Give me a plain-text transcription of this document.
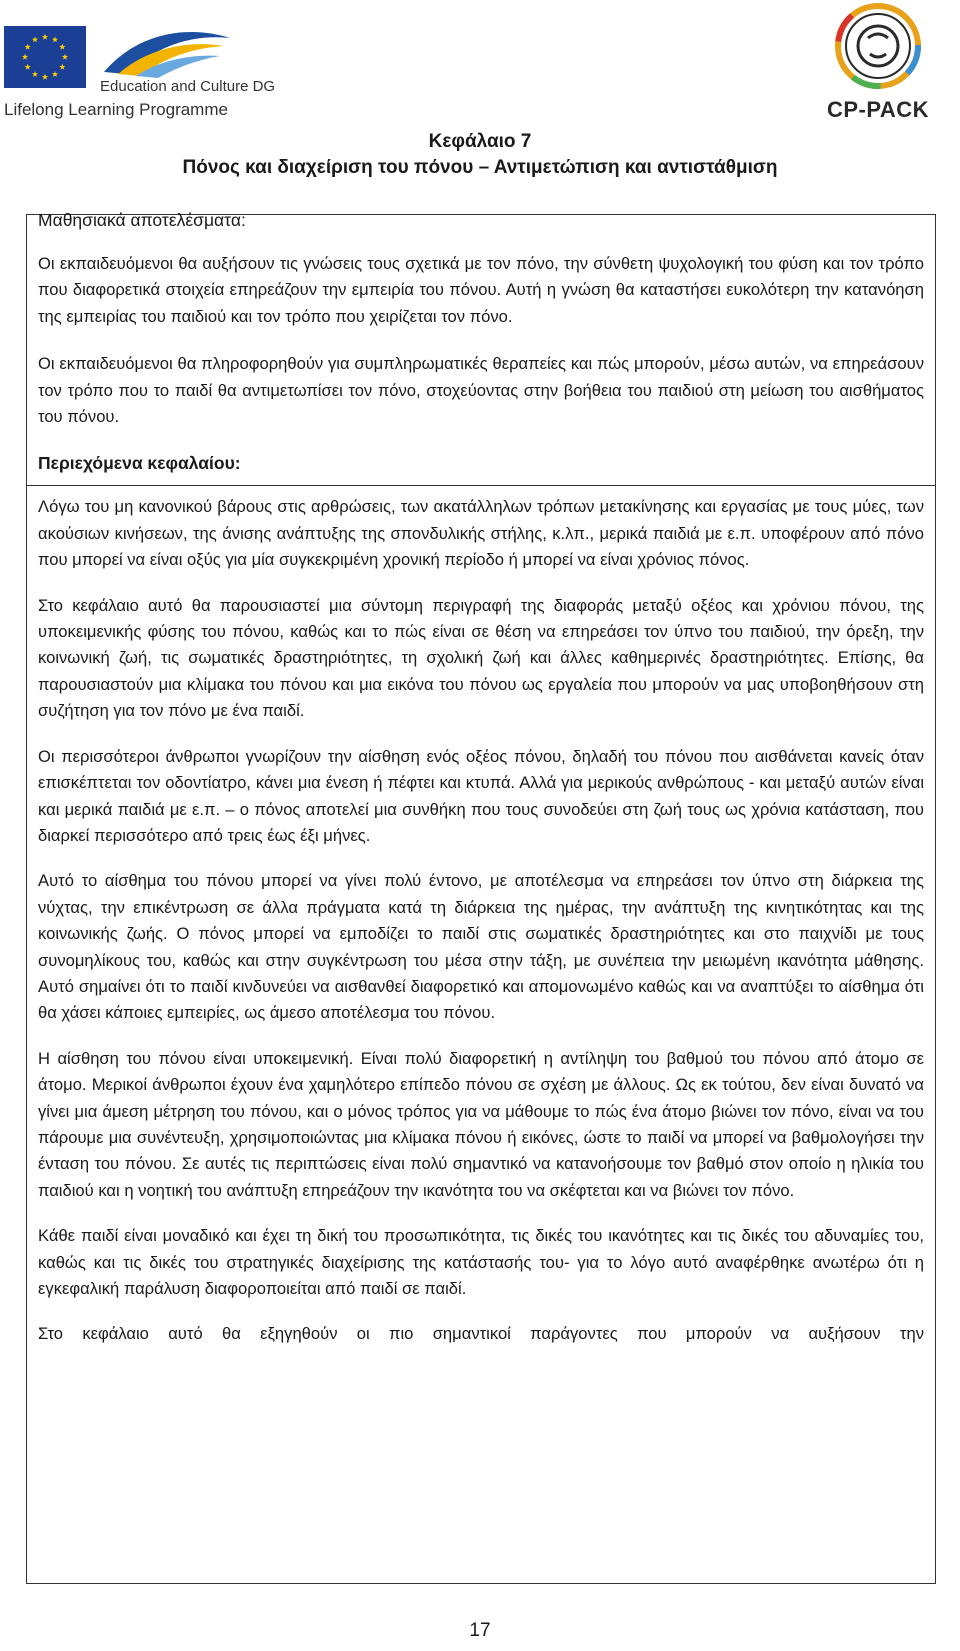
Education and Culture DG
Lifelong Learning Programme	CP-PACK
Κεφάλαιο 7
Πόνος και διαχείριση του πόνου – Αντιμετώπιση και αντιστάθμιση

Μαθησιακά αποτελέσματα:

Οι εκπαιδευόμενοι θα αυξήσουν τις γνώσεις τους σχετικά με τον πόνο, την σύνθετη ψυχολογική του φύση και τον τρόπο που διαφορετικά στοιχεία επηρεάζουν την εμπειρία του πόνου. Αυτή η γνώση θα καταστήσει ευκολότερη την κατανόηση της εμπειρίας του παιδιού και τον τρόπο που χειρίζεται τον πόνο.

Οι εκπαιδευόμενοι θα πληροφορηθούν για συμπληρωματικές θεραπείες και πώς μπορούν, μέσω αυτών, να επηρεάσουν τον τρόπο που το παιδί θα αντιμετωπίσει τον πόνο, στοχεύοντας στην βοήθεια του παιδιού στη μείωση του αισθήματος του πόνου.

Περιεχόμενα κεφαλαίου:

Λόγω του μη κανονικού βάρους στις αρθρώσεις, των ακατάλληλων τρόπων μετακίνησης και εργασίας με τους μύες, των ακούσιων κινήσεων, της άνισης ανάπτυξης της σπονδυλικής στήλης, κ.λπ., μερικά παιδιά με ε.π. υποφέρουν από πόνο που μπορεί να είναι οξύς για μία συγκεκριμένη χρονική περίοδο ή μπορεί να είναι χρόνιος πόνος.

Στο κεφάλαιο αυτό θα παρουσιαστεί μια σύντομη περιγραφή της διαφοράς μεταξύ οξέος και χρόνιου πόνου, της υποκειμενικής φύσης του πόνου, καθώς και το πώς είναι σε θέση να επηρεάσει τον ύπνο του παιδιού, την όρεξη, την κοινωνική ζωή, τις σωματικές δραστηριότητες, τη σχολική ζωή και άλλες καθημερινές δραστηριότητες. Επίσης, θα παρουσιαστούν μια κλίμακα του πόνου και μια εικόνα του πόνου ως εργαλεία που μπορούν να μας υποβοηθήσουν στη συζήτηση για τον πόνο με ένα παιδί.

Οι περισσότεροι άνθρωποι γνωρίζουν την αίσθηση ενός οξέος πόνου, δηλαδή του πόνου που αισθάνεται κανείς όταν επισκέπτεται τον οδοντίατρο, κάνει μια ένεση ή πέφτει και κτυπά. Αλλά για μερικούς ανθρώπους - και μεταξύ αυτών είναι και μερικά παιδιά με ε.π. – ο πόνος αποτελεί μια συνθήκη που τους συνοδεύει στη ζωή τους ως χρόνια κατάσταση, που διαρκεί περισσότερο από τρεις έως έξι μήνες.

Αυτό το αίσθημα του πόνου μπορεί να γίνει πολύ έντονο, με αποτέλεσμα να επηρεάσει τον ύπνο στη διάρκεια της νύχτας, την επικέντρωση σε άλλα πράγματα κατά τη διάρκεια της ημέρας, την ανάπτυξη της κινητικότητας και της κοινωνικής ζωής. Ο πόνος μπορεί να εμποδίζει το παιδί στις σωματικές δραστηριότητες και στο παιχνίδι με τους συνομηλίκους του, καθώς και στην συγκέντρωση του μέσα στην τάξη, με συνέπεια την μειωμένη ικανότητα μάθησης. Αυτό σημαίνει ότι το παιδί κινδυνεύει να αισθανθεί διαφορετικό και απομονωμένο καθώς και να αναπτύξει το αίσθημα ότι θα χάσει κάποιες εμπειρίες, ως άμεσο αποτέλεσμα του πόνου.

Η αίσθηση του πόνου είναι υποκειμενική. Είναι πολύ διαφορετική η αντίληψη του βαθμού του πόνου από άτομο σε άτομο. Μερικοί άνθρωποι έχουν ένα χαμηλότερο επίπεδο πόνου σε σχέση με άλλους. Ως εκ τούτου, δεν είναι δυνατό να γίνει μια άμεση μέτρηση του πόνου, και ο μόνος τρόπος για να μάθουμε το πώς ένα άτομο βιώνει τον πόνο, είναι να του πάρουμε μια συνέντευξη, χρησιμοποιώντας μια κλίμακα πόνου ή εικόνες, ώστε το παιδί να μπορεί να βαθμολογήσει την ένταση του πόνου. Σε αυτές τις περιπτώσεις είναι πολύ σημαντικό να κατανοήσουμε τον βαθμό στον οποίο η ηλικία του παιδιού και η νοητική του ανάπτυξη επηρεάζουν την ικανότητα του να σκέφτεται και να βιώνει τον πόνο.

Κάθε παιδί είναι μοναδικό και έχει τη δική του προσωπικότητα, τις δικές του ικανότητες και τις δικές του αδυναμίες του, καθώς και τις δικές του στρατηγικές διαχείρισης της κατάστασής του- για το λόγο αυτό αναφέρθηκε ανωτέρω ότι η εγκεφαλική παράλυση διαφοροποιείται από παιδί σε παιδί.

Στο κεφάλαιο αυτό θα εξηγηθούν οι πιο σημαντικοί παράγοντες που μπορούν να αυξήσουν την

17
